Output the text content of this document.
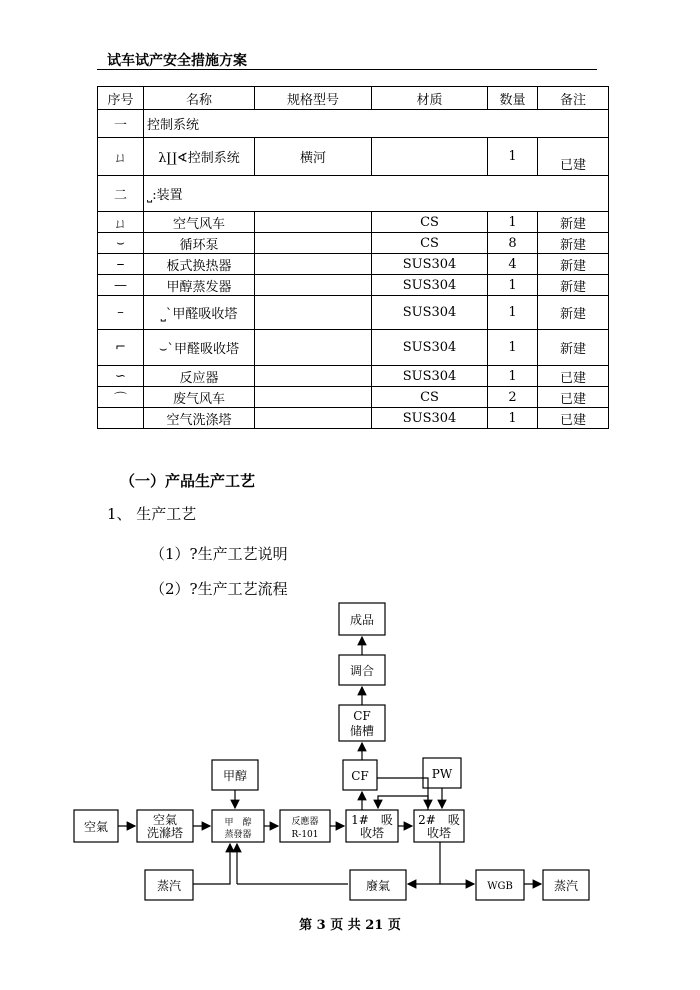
试车试产安全措施方案
序号	名称	规格型号	材质	数量	备注
一	控制系统				
ㄩ	λ∐∢控制系统	横河		1	已建
二	⎵:装置				
ㄩ	空气风车		CS	1	新建
⌣	循环泵		CS	8	新建
⎯	板式换热器		SUS304	4	新建
—	甲醇蒸发器		SUS304	1	新建
–	⎵`甲醛吸收塔		SUS304	1	新建
⌐	⌣`甲醛吸收塔		SUS304	1	新建
∽	反应器		SUS304	1	已建
⌒	废气风车		CS	2	已建
	空气洗涤塔		SUS304	1	已建
（一）产品生产工艺
1、 生产工艺
（1）?生产工艺说明
（2）?生产工艺流程
成品
调合
CF
储槽
甲醇	CF	PW
空氣	空氣
洗滌塔	蒸發器
反應器
R-101
1#　吸
收塔
2#　吸
收塔
蒸汽	廢氣	WGB	蒸汽
甲　醇
第 3 页 共 21 页
